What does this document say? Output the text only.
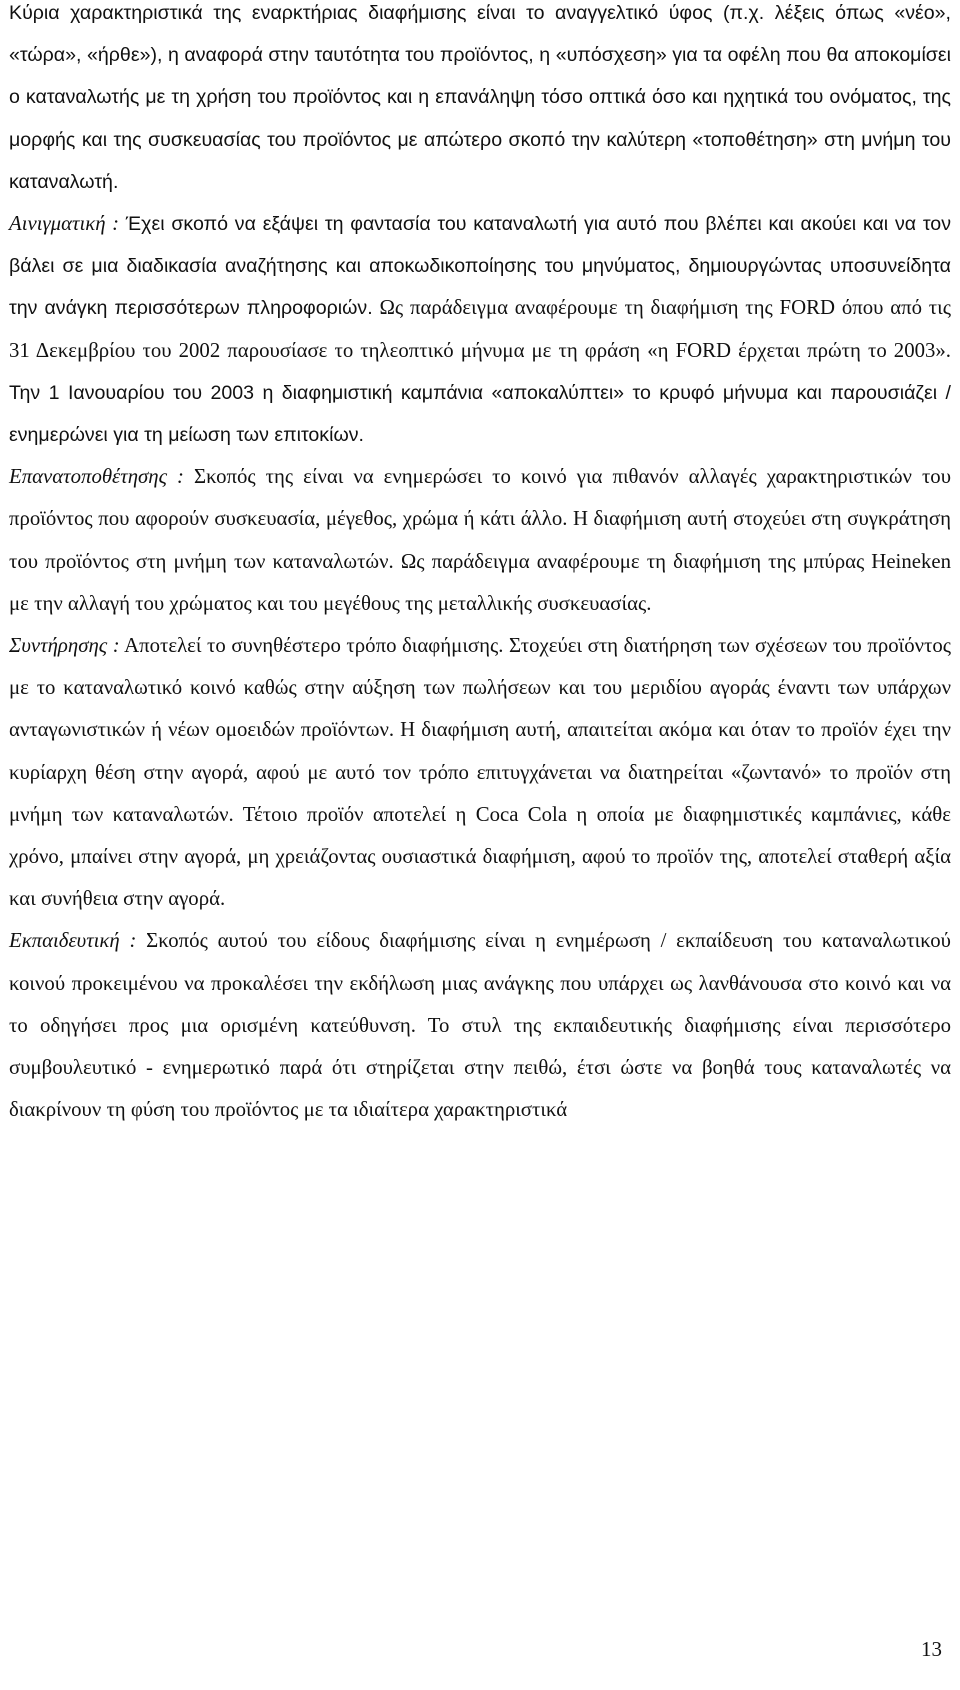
Κύρια χαρακτηριστικά της εναρκτήριας διαφήμισης είναι το αναγγελτικό ύφος (π.χ. λέξεις όπως «νέο», «τώρα», «ήρθε»), η αναφορά στην ταυτότητα του προϊόντος, η «υπόσχεση» για τα οφέλη που θα αποκομίσει ο καταναλωτής με τη χρήση του προϊόντος και η επανάληψη τόσο οπτικά όσο και ηχητικά του ονόματος, της μορφής και της συσκευασίας του προϊόντος με απώτερο σκοπό την καλύτερη «τοποθέτηση» στη μνήμη του καταναλωτή.

Αινιγματική : Έχει σκοπό να εξάψει τη φαντασία του καταναλωτή για αυτό που βλέπει και ακούει και να τον βάλει σε μια διαδικασία αναζήτησης και αποκωδικοποίησης του μηνύματος, δημιουργώντας υποσυνείδητα την ανάγκη περισσότερων πληροφοριών. Ως παράδειγμα αναφέρουμε τη διαφήμιση της FORD όπου από τις 31 Δεκεμβρίου του 2002 παρουσίασε το τηλεοπτικό μήνυμα με τη φράση «η FORD έρχεται πρώτη το 2003». Την 1 Ιανουαρίου του 2003 η διαφημιστική καμπάνια «αποκαλύπτει» το κρυφό μήνυμα και παρουσιάζει / ενημερώνει για τη μείωση των επιτοκίων.

Επανατοποθέτησης : Σκοπός της είναι να ενημερώσει το κοινό για πιθανόν αλλαγές χαρακτηριστικών του προϊόντος που αφορούν συσκευασία, μέγεθος, χρώμα ή κάτι άλλο. Η διαφήμιση αυτή στοχεύει στη συγκράτηση του προϊόντος στη μνήμη των καταναλωτών. Ως παράδειγμα αναφέρουμε τη διαφήμιση της μπύρας Heineken με την αλλαγή του χρώματος και του μεγέθους της μεταλλικής συσκευασίας.

Συντήρησης : Αποτελεί το συνηθέστερο τρόπο διαφήμισης. Στοχεύει στη διατήρηση των σχέσεων του προϊόντος με το καταναλωτικό κοινό καθώς στην αύξηση των πωλήσεων και του μεριδίου αγοράς έναντι των υπάρχων ανταγωνιστικών ή νέων ομοειδών προϊόντων. Η διαφήμιση αυτή, απαιτείται ακόμα και όταν το προϊόν έχει την κυρίαρχη θέση στην αγορά, αφού με αυτό τον τρόπο επιτυγχάνεται να διατηρείται «ζωντανό» το προϊόν στη μνήμη των καταναλωτών. Τέτοιο προϊόν αποτελεί η Coca Cola η οποία με διαφημιστικές καμπάνιες, κάθε χρόνο, μπαίνει στην αγορά, μη χρειάζοντας ουσιαστικά διαφήμιση, αφού το προϊόν της, αποτελεί σταθερή αξία και συνήθεια στην αγορά.

Εκπαιδευτική : Σκοπός αυτού του είδους διαφήμισης είναι η ενημέρωση / εκπαίδευση του καταναλωτικού κοινού προκειμένου να προκαλέσει την εκδήλωση μιας ανάγκης που υπάρχει ως λανθάνουσα στο κοινό και να το οδηγήσει προς μια ορισμένη κατεύθυνση. Το στυλ της εκπαιδευτικής διαφήμισης είναι περισσότερο συμβουλευτικό - ενημερωτικό παρά ότι στηρίζεται στην πειθώ, έτσι ώστε να βοηθά τους καταναλωτές να διακρίνουν τη φύση του προϊόντος με τα ιδιαίτερα χαρακτηριστικά

13
